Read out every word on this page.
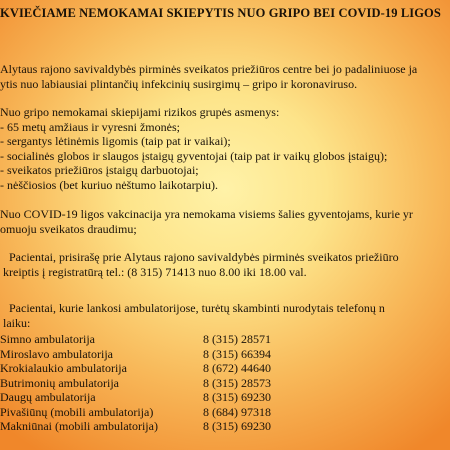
KVIEČIAME NEMOKAMAI SKIEPYTIS NUO GRIPO BEI COVID-19 LIGOS
Alytaus rajono savivaldybės pirminės sveikatos priežiūros centre bei jo padaliniuose ja
ytis nuo labiausiai plintančių infekcinių susirgimų – gripo ir koronaviruso.
Nuo gripo nemokamai skiepijami rizikos grupės asmenys:
- 65 metų amžiaus ir vyresni žmonės;
- sergantys lėtinėmis ligomis (taip pat ir vaikai);
- socialinės globos ir slaugos įstaigų gyventojai (taip pat ir vaikų globos įstaigų);
- sveikatos priežiūros įstaigų darbuotojai;
- nėščiosios (bet kuriuo nėštumo laikotarpiu).
Nuo COVID-19 ligos vakcinacija yra nemokama visiems šalies gyventojams, kurie yr
omuoju sveikatos draudimu;
Pacientai, prisirašę prie Alytaus rajono savivaldybės pirminės sveikatos priežiūro
kreiptis į registratūrą tel.: (8 315) 71413 nuo 8.00 iki 18.00 val.
Pacientai, kurie lankosi ambulatorijose, turėtų skambinti nurodytais telefonų n
laiku:
Simno ambulatorija	8 (315) 28571
Miroslavo ambulatorija	8 (315) 66394
Krokialaukio ambulatorija	8 (672) 44640
Butrimonių ambulatorija	8 (315) 28573
Daugų ambulatorija	8 (315) 69230
Pivašiūnų (mobili ambulatorija)	8 (684) 97318
Makniūnai (mobili ambulatorija)	8 (315) 69230
